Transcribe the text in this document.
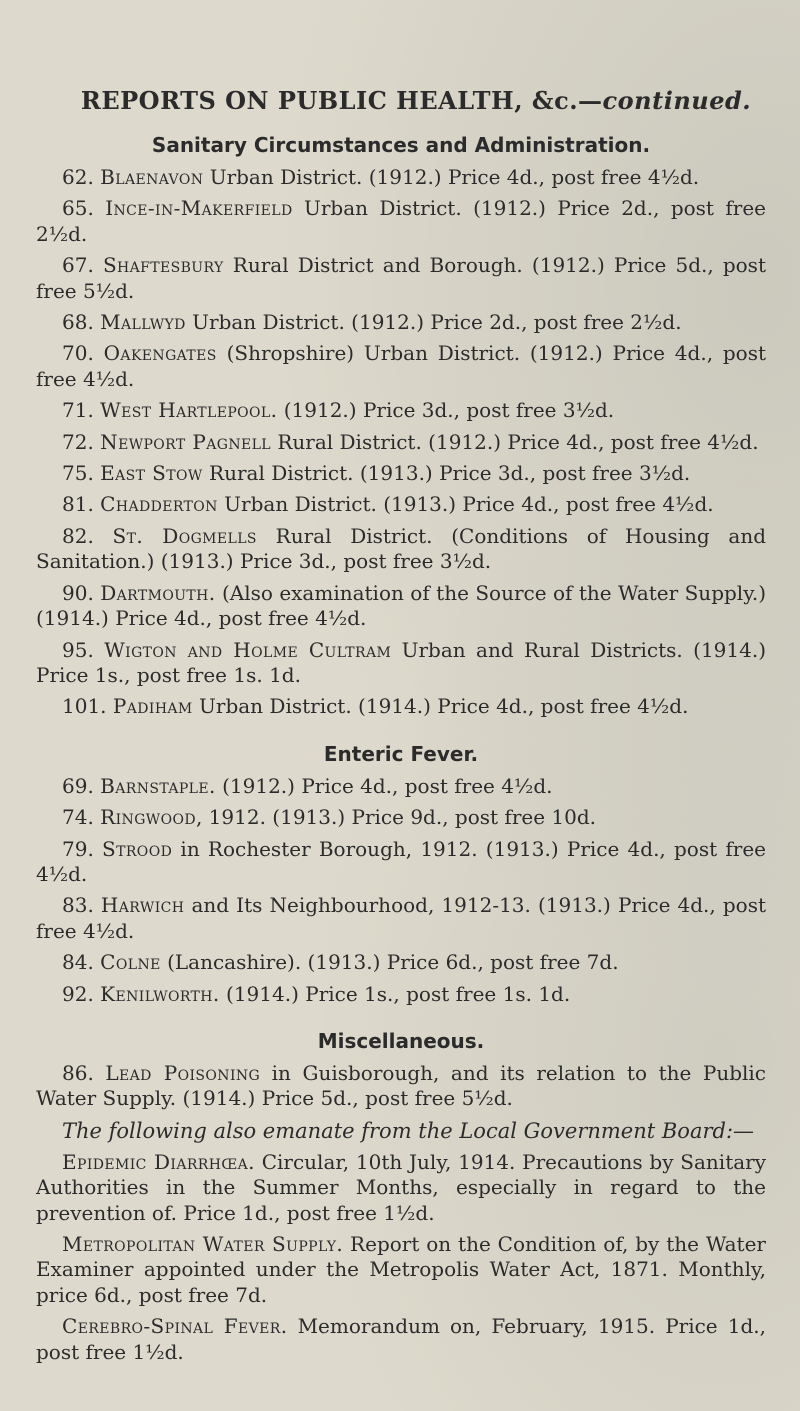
REPORTS ON PUBLIC HEALTH, &c.—continued.
Sanitary Circumstances and Administration.

62. Blaenavon Urban District. (1912.) Price 4d., post free 4½d.

65. Ince-in-Makerfield Urban District. (1912.) Price 2d., post free 2½d.

67. Shaftesbury Rural District and Borough. (1912.) Price 5d., post free 5½d.

68. Mallwyd Urban District. (1912.) Price 2d., post free 2½d.

70. Oakengates (Shropshire) Urban District. (1912.) Price 4d., post free 4½d.

71. West Hartlepool. (1912.) Price 3d., post free 3½d.

72. Newport Pagnell Rural District. (1912.) Price 4d., post free 4½d.

75. East Stow Rural District. (1913.) Price 3d., post free 3½d.

81. Chadderton Urban District. (1913.) Price 4d., post free 4½d.

82. St. Dogmells Rural District. (Conditions of Housing and Sanitation.) (1913.) Price 3d., post free 3½d.

90. Dartmouth. (Also examination of the Source of the Water Supply.) (1914.) Price 4d., post free 4½d.

95. Wigton and Holme Cultram Urban and Rural Districts. (1914.) Price 1s., post free 1s. 1d.

101. Padiham Urban District. (1914.) Price 4d., post free 4½d.

Enteric Fever.

69. Barnstaple. (1912.) Price 4d., post free 4½d.

74. Ringwood, 1912. (1913.) Price 9d., post free 10d.

79. Strood in Rochester Borough, 1912. (1913.) Price 4d., post free 4½d.

83. Harwich and Its Neighbourhood, 1912-13. (1913.) Price 4d., post free 4½d.

84. Colne (Lancashire). (1913.) Price 6d., post free 7d.

92. Kenilworth. (1914.) Price 1s., post free 1s. 1d.

Miscellaneous.

86. Lead Poisoning in Guisborough, and its relation to the Public Water Supply. (1914.) Price 5d., post free 5½d.

The following also emanate from the Local Government Board:—

Epidemic Diarrhœa. Circular, 10th July, 1914. Precautions by Sanitary Authorities in the Summer Months, especially in regard to the prevention of. Price 1d., post free 1½d.

Metropolitan Water Supply. Report on the Condition of, by the Water Examiner appointed under the Metropolis Water Act, 1871. Monthly, price 6d., post free 7d.

Cerebro-Spinal Fever. Memorandum on, February, 1915. Price 1d., post free 1½d.
